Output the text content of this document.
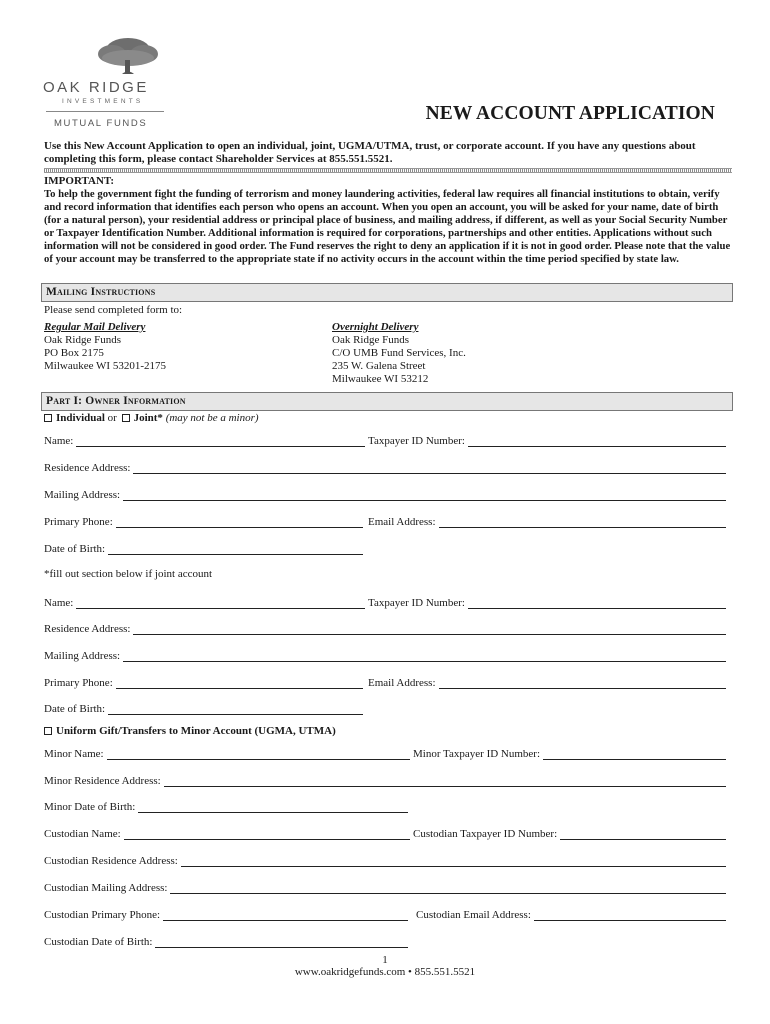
OAK RIDGE
INVESTMENTS
MUTUAL FUNDS	NEW ACCOUNT APPLICATION
Use this New Account Application to open an individual, joint, UGMA/UTMA, trust, or corporate account. If you have any questions about completing this form, please contact Shareholder Services at 855.551.5521.
IMPORTANT:
To help the government fight the funding of terrorism and money laundering activities, federal law requires all financial institutions to obtain, verify and record information that identifies each person who opens an account. When you open an account, you will be asked for your name, date of birth (for a natural person), your residential address or principal place of business, and mailing address, if different, as well as your Social Security Number or Taxpayer Identification Number. Additional information is required for corporations, partnerships and other entities. Applications without such information will not be considered in good order. The Fund reserves the right to deny an application if it is not in good order. Please note that the value of your account may be transferred to the appropriate state if no activity occurs in the account within the time period specified by state law.
Mailing Instructions
Please send completed form to:
Regular Mail Delivery
Oak Ridge Funds
PO Box 2175
Milwaukee WI 53201-2175
Overnight Delivery
Oak Ridge Funds
C/O UMB Fund Services, Inc.
235 W. Galena Street
Milwaukee WI 53212
Part I: Owner Information
Individual or Joint* (may not be a minor)
Name:	Taxpayer ID Number:
Residence Address:
Mailing Address:
Primary Phone:	Email Address:
Date of Birth:
*fill out section below if joint account
Name:	Taxpayer ID Number:
Residence Address:
Mailing Address:
Primary Phone:	Email Address:
Date of Birth:
Uniform Gift/Transfers to Minor Account (UGMA, UTMA)
Minor Name:	Minor Taxpayer ID Number:
Minor Residence Address:
Minor Date of Birth:
Custodian Name:	Custodian Taxpayer ID Number:
Custodian Residence Address:
Custodian Mailing Address:
Custodian Primary Phone:	Custodian Email Address:
Custodian Date of Birth:
1
www.oakridgefunds.com • 855.551.5521
